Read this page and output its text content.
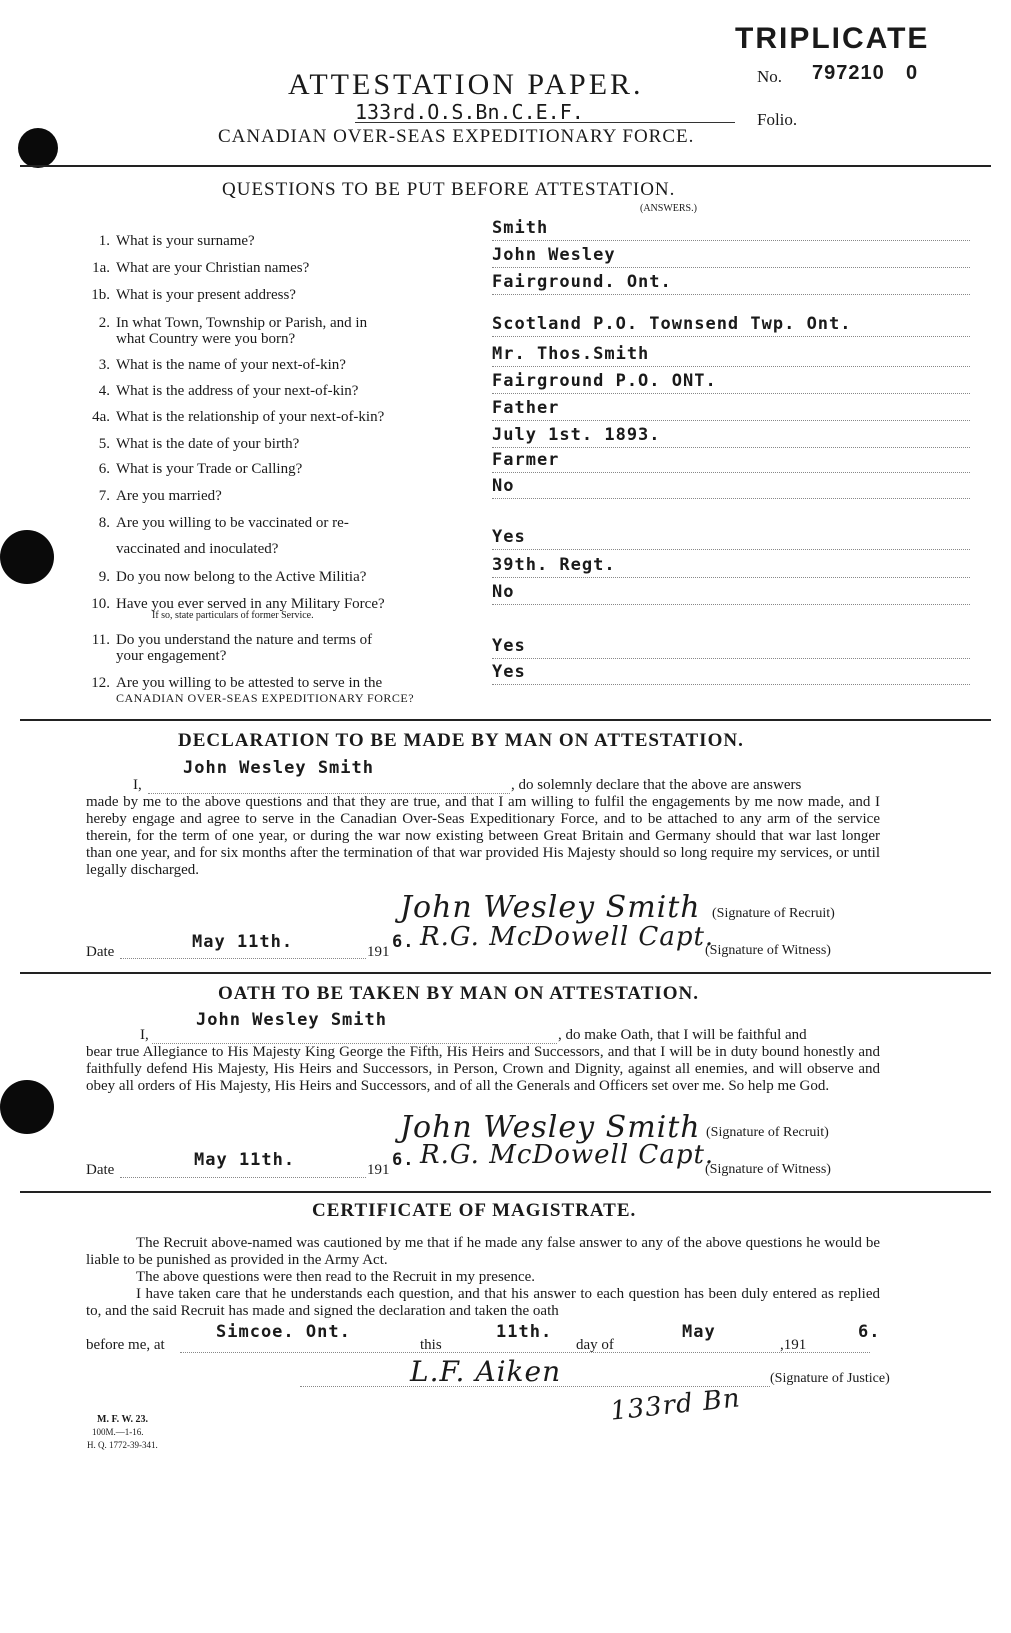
TRIPLICATE
No. 797210 0
Folio.
ATTESTATION PAPER.
133rd.O.S.Bn.C.E.F.
CANADIAN OVER-SEAS EXPEDITIONARY FORCE.
QUESTIONS TO BE PUT BEFORE ATTESTATION.
(ANSWERS.)
1. What is your surname?
Smith
1a. What are your Christian names?
John Wesley
1b. What is your present address?
Fairground. Ont.
2. In what Town, Township or Parish, and in
what Country were you born?
Scotland P.O. Townsend Twp. Ont.
3. What is the name of your next-of-kin?
Mr. Thos.Smith
4. What is the address of your next-of-kin?	Fairground P.O. ONT.
4a. What is the relationship of your next-of-kin?	Father
5. What is the date of your birth?	July 1st. 1893.
6. What is your Trade or Calling?	Farmer
7. Are you married?	No
8. Are you willing to be vaccinated or re-
vaccinated and inoculated?
Yes
9. Do you now belong to the Active Militia?
39th. Regt.
10. Have you ever served in any Military Force?
If so, state particulars of former Service.
No
11. Do you understand the nature and terms of
your engagement?	Yes
12. Are you willing to be attested to serve in the
CANADIAN OVER-SEAS EXPEDITIONARY FORCE?
Yes
DECLARATION TO BE MADE BY MAN ON ATTESTATION.
I,
John Wesley Smith
, do solemnly declare that the above are answers
made by me to the above questions and that they are true, and that I am willing to fulfil the engagements by me now made, and I hereby engage and agree to serve in the Canadian Over-Seas Expeditionary Force, and to be attached to any arm of the service therein, for the term of one year, or during the war now existing between Great Britain and Germany should that war last longer than one year, and for six months after the termination of that war provided His Majesty should so long require my services, or until legally discharged.
John Wesley Smith (Signature of Recruit)
Date	May 11th.	191 6. R.G. McDowell Capt.
(Signature of Witness)
OATH TO BE TAKEN BY MAN ON ATTESTATION.
I,
John Wesley Smith
, do make Oath, that I will be faithful and
bear true Allegiance to His Majesty King George the Fifth, His Heirs and Successors, and that I will be in duty bound honestly and faithfully defend His Majesty, His Heirs and Successors, in Person, Crown and Dignity, against all enemies, and will observe and obey all orders of His Majesty, His Heirs and Successors, and of all the Generals and Officers set over me. So help me God.
John Wesley Smith (Signature of Recruit)
Date	May 11th.	191 6. R.G. McDowell Capt.
(Signature of Witness)
CERTIFICATE OF MAGISTRATE.
The Recruit above-named was cautioned by me that if he made any false answer to any of the above questions he would be liable to be punished as provided in the Army Act.
The above questions were then read to the Recruit in my presence.
I have taken care that he understands each question, and that his answer to each question has been duly entered as replied to, and the said Recruit has made and signed the declaration and taken the oath
before me, at
Simcoe. Ont.
this
11th.
day of
May
,191
6.
L.F. Aiken	(Signature of Justice)
133rd Bn
M. F. W. 23.
100M.—1-16.
H. Q. 1772-39-341.
